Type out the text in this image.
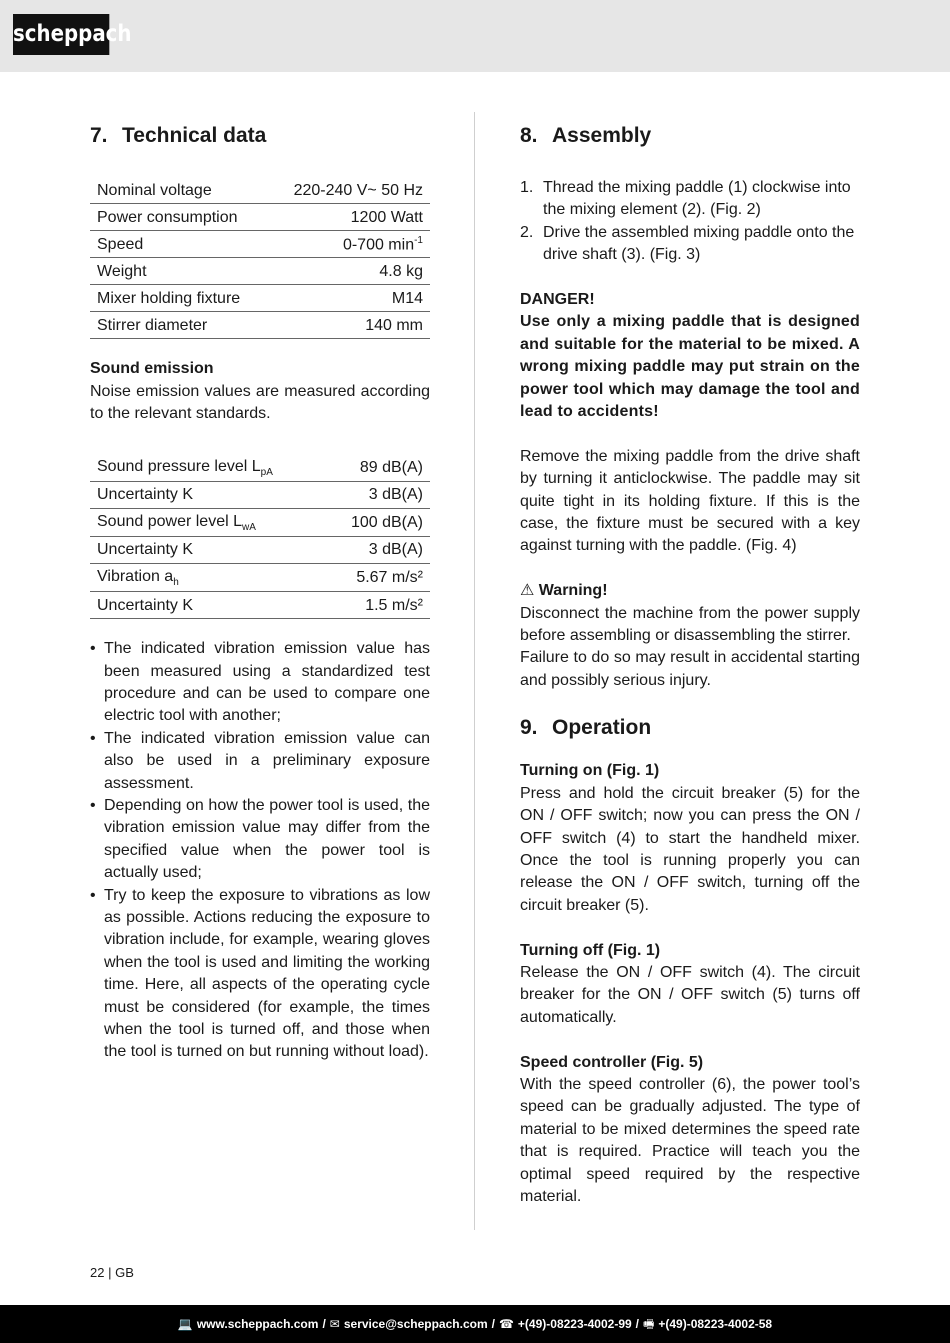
scheppach
7. Technical data
Nominal voltage	220-240 V~ 50 Hz
Power consumption	1200 Watt
Speed	0-700 $\min^{-1}$
Weight	4.8 kg
Mixer holding fixture	M14
Stirrer diameter	140 mm

Sound emission

Noise emission values are measured according to the relevant standards.

Sound pressure level $L_{pA}$	89 dB(A)
Uncertainty K	3 dB(A)
Sound power level $L_{wA}$	100 dB(A)
Uncertainty K	3 dB(A)
Vibration $a_h$	5.67 m/s²
Uncertainty K	1.5 m/s²
• The indicated vibration emission value has been measured using a standardized test procedure and can be used to compare one electric tool with another;
• The indicated vibration emission value can also be used in a preliminary exposure assessment.
• Depending on how the power tool is used, the vibration emission value may differ from the specified value when the power tool is actually used;
• Try to keep the exposure to vibrations as low as possible. Actions reducing the exposure to vibration include, for example, wearing gloves when the tool is used and limiting the working time. Here, all aspects of the operating cycle must be considered (for example, the times when the tool is turned off, and those when the tool is turned on but running without load).
8. Assembly
1. Thread the mixing paddle (1) clockwise into the mixing element (2). (Fig. 2)
2. Drive the assembled mixing paddle onto the drive shaft (3). (Fig. 3)

DANGER!

Use only a mixing paddle that is designed and suitable for the material to be mixed. A wrong mixing paddle may put strain on the power tool which may damage the tool and lead to accidents!

Remove the mixing paddle from the drive shaft by turning it anticlockwise. The paddle may sit quite tight in its holding fixture. If this is the case, the fixture must be secured with a key against turning with the paddle. (Fig. 4)

⚠ Warning!

Disconnect the machine from the power supply before assembling or disassembling the stirrer.

Failure to do so may result in accidental starting and possibly serious injury.

9. Operation

Turning on (Fig. 1)

Press and hold the circuit breaker (5) for the ON / OFF switch; now you can press the ON / OFF switch (4) to start the handheld mixer. Once the tool is running properly you can release the ON / OFF switch, turning off the circuit breaker (5).

Turning off (Fig. 1)

Release the ON / OFF switch (4). The circuit breaker for the ON / OFF switch (5) turns off automatically.

Speed controller (Fig. 5)

With the speed controller (6), the power tool’s speed can be gradually adjusted. The type of material to be mixed determines the speed rate that is required. Practice will teach you the optimal speed required by the respective material.

22 | GB
💻 www.scheppach.com / ✉ service@scheppach.com / ☎ +(49)-08223-4002-99 / 🖷 +(49)-08223-4002-58
